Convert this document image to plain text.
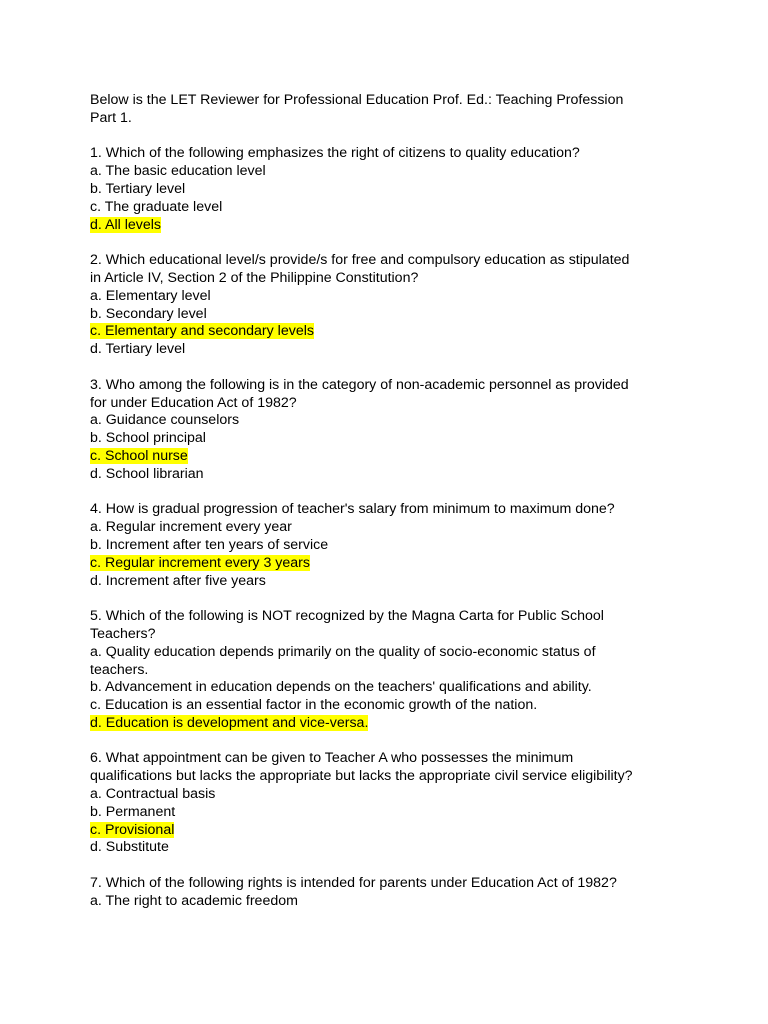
Below is the LET Reviewer for Professional Education Prof. Ed.: Teaching Profession
Part 1.
1. Which of the following emphasizes the right of citizens to quality education?
a. The basic education level
b. Tertiary level
c. The graduate level
d. All levels
2. Which educational level/s provide/s for free and compulsory education as stipulated
in Article IV, Section 2 of the Philippine Constitution?
a. Elementary level
b. Secondary level
c. Elementary and secondary levels
d. Tertiary level
3. Who among the following is in the category of non-academic personnel as provided
for under Education Act of 1982?
a. Guidance counselors
b. School principal
c. School nurse
d. School librarian
4. How is gradual progression of teacher's salary from minimum to maximum done?
a. Regular increment every year
b. Increment after ten years of service
c. Regular increment every 3 years
d. Increment after five years
5. Which of the following is NOT recognized by the Magna Carta for Public School
Teachers?
a. Quality education depends primarily on the quality of socio-economic status of
teachers.
b. Advancement in education depends on the teachers' qualifications and ability.
c. Education is an essential factor in the economic growth of the nation.
d. Education is development and vice-versa.
6. What appointment can be given to Teacher A who possesses the minimum
qualifications but lacks the appropriate but lacks the appropriate civil service eligibility?
a. Contractual basis
b. Permanent
c. Provisional
d. Substitute
7. Which of the following rights is intended for parents under Education Act of 1982?
a. The right to academic freedom
